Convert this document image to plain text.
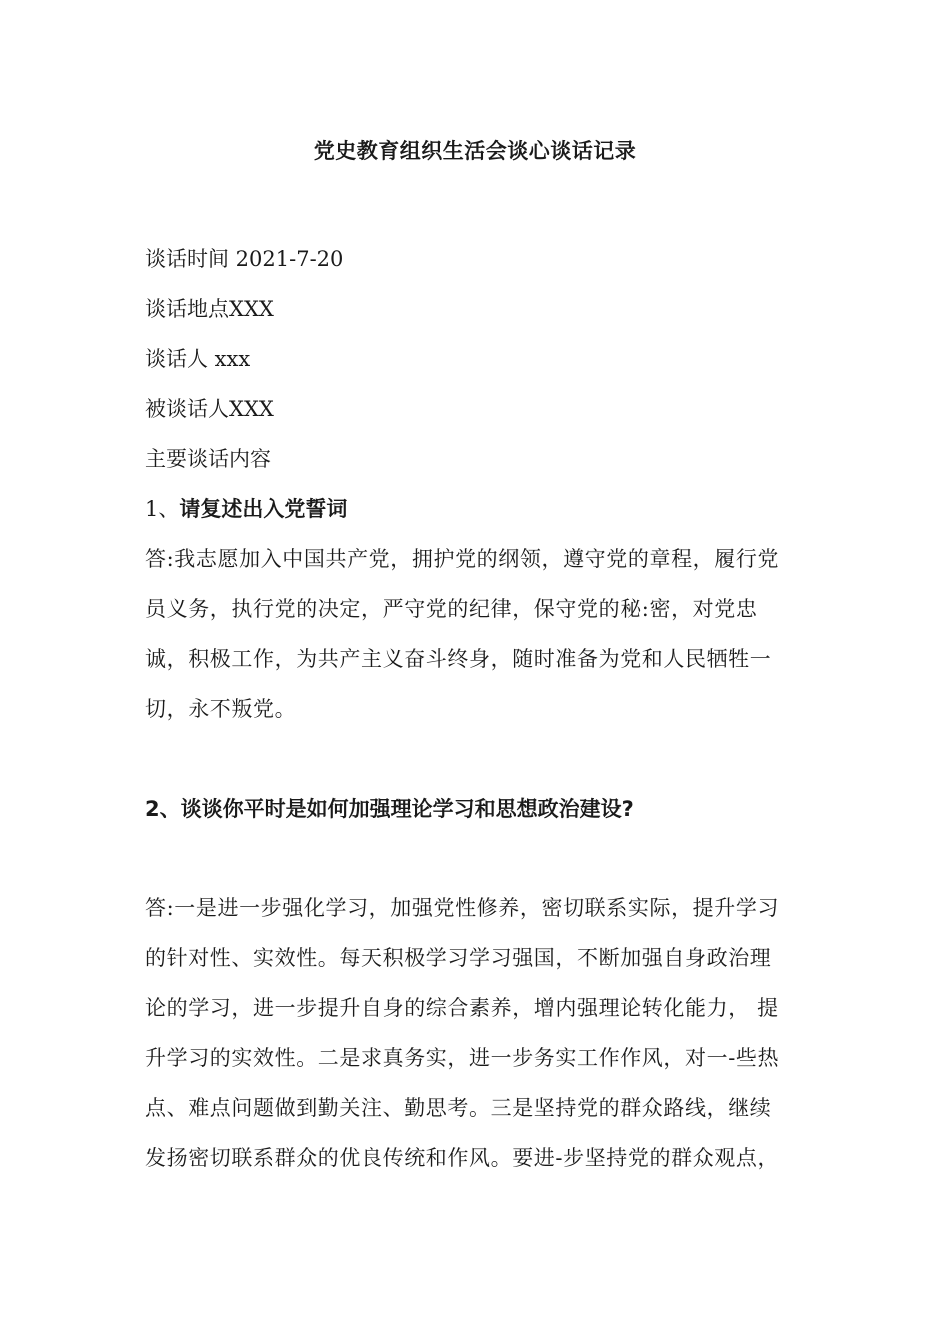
党史教育组织生活会谈心谈话记录
谈话时间 2021-7-20
谈话地点XXX
谈话人 xxx
被谈话人XXX
主要谈话内容
1、请复述出入党誓词
答:我志愿加入中国共产党，拥护党的纲领，遵守党的章程，履行党
员义务，执行党的决定，严守党的纪律，保守党的秘:密，对党忠
诚，积极工作，为共产主义奋斗终身，随时准备为党和人民牺牲一
切，永不叛党。
2、谈谈你平时是如何加强理论学习和思想政治建设?
答:一是进一步强化学习，加强党性修养，密切联系实际，提升学习
的针对性、实效性。每天积极学习学习强国，不断加强自身政治理
论的学习，进一步提升自身的综合素养，增内强理论转化能力， 提
升学习的实效性。二是求真务实，进一步务实工作作风，对一-些热
点、难点问题做到勤关注、勤思考。三是坚持党的群众路线，继续
发扬密切联系群众的优良传统和作风。要进-步坚持党的群众观点，
